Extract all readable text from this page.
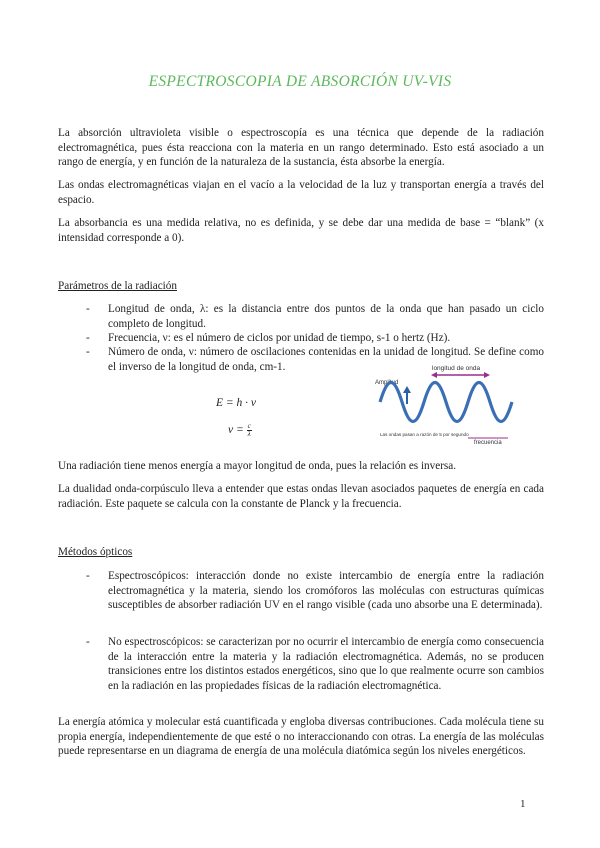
ESPECTROSCOPIA DE ABSORCIÓN UV-VIS

La absorción ultravioleta visible o espectroscopía es una técnica que depende de la radiación electromagnética, pues ésta reacciona con la materia en un rango determinado. Esto está asociado a un rango de energía, y en función de la naturaleza de la sustancia, ésta absorbe la energía.

Las ondas electromagnéticas viajan en el vacío a la velocidad de la luz y transportan energía a través del espacio.

La absorbancia es una medida relativa, no es definida, y se debe dar una medida de base = “blank” (x intensidad corresponde a 0).

Parámetros de la radiación

- Longitud de onda, λ: es la distancia entre dos puntos de la onda que han pasado un ciclo completo de longitud.

- Frecuencia, ν: es el número de ciclos por unidad de tiempo, s-1 o hertz (Hz).

- Número de onda, ν: número de oscilaciones contenidas en la unidad de longitud. Se define como el inverso de la longitud de onda, cm-1.

E = h · ν
$\nu = \frac{c}{\lambda}$
longitud de onda
Amplitud
Las ondas pasan a razón de 5 por segundo
frecuencia

Una radiación tiene menos energía a mayor longitud de onda, pues la relación es inversa.

La dualidad onda-corpúsculo lleva a entender que estas ondas llevan asociados paquetes de energía en cada radiación. Este paquete se calcula con la constante de Planck y la frecuencia.

Métodos ópticos

- Espectroscópicos: interacción donde no existe intercambio de energía entre la radiación electromagnética y la materia, siendo los cromóforos las moléculas con estructuras químicas susceptibles de absorber radiación UV en el rango visible (cada uno absorbe una E determinada).

- No espectroscópicos: se caracterizan por no ocurrir el intercambio de energía como consecuencia de la interacción entre la materia y la radiación electromagnética. Además, no se producen transiciones entre los distintos estados energéticos, sino que lo que realmente ocurre son cambios en la radiación en las propiedades físicas de la radiación electromagnética.

La energía atómica y molecular está cuantificada y engloba diversas contribuciones. Cada molécula tiene su propia energía, independientemente de que esté o no interaccionando con otras. La energía de las moléculas puede representarse en un diagrama de energía de una molécula diatómica según los niveles energéticos.

1
